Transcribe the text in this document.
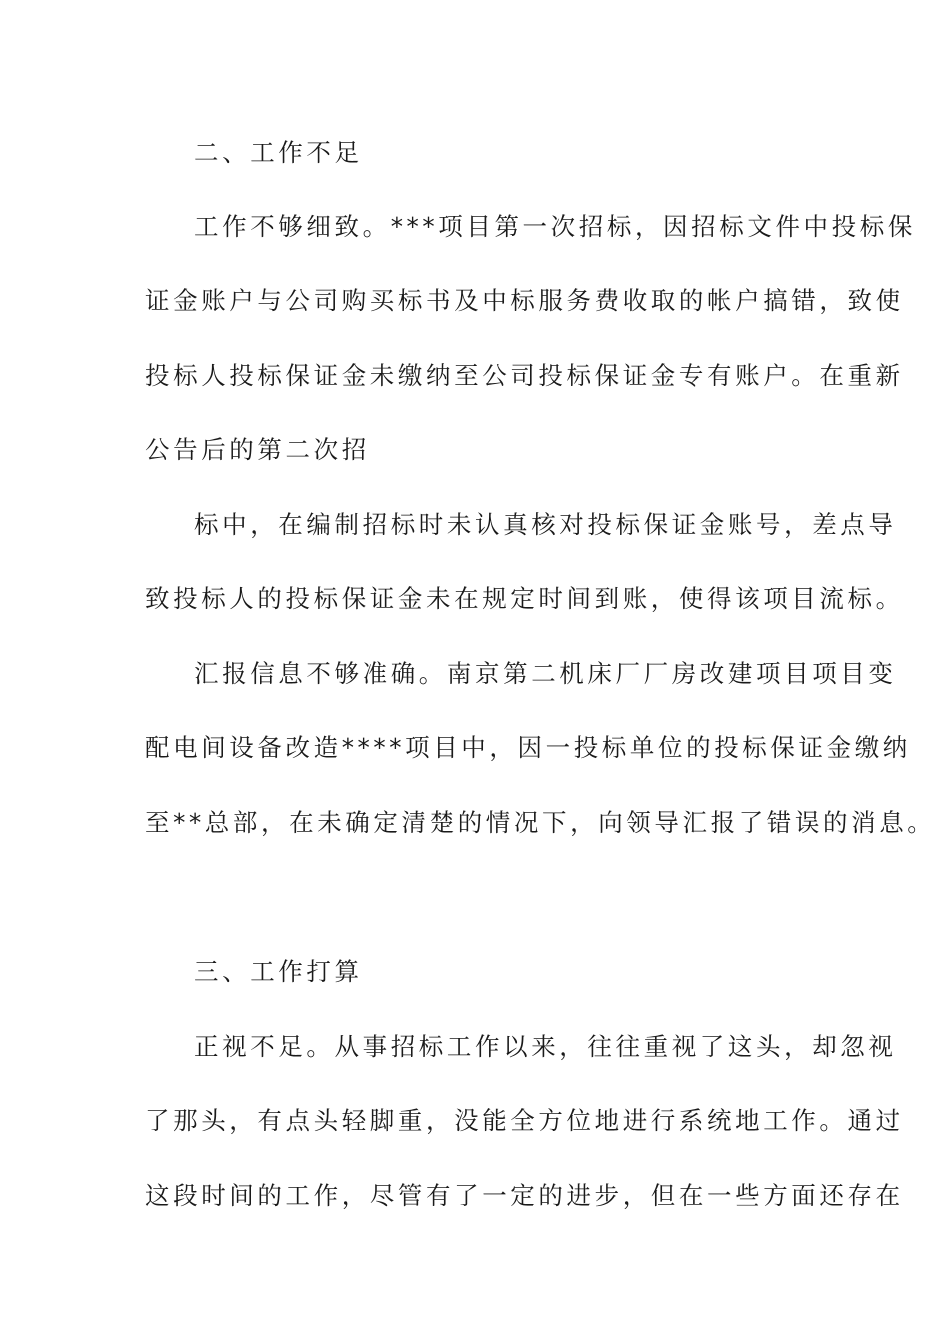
二、工作不足
工作不够细致。***项目第一次招标，因招标文件中投标保
证金账户与公司购买标书及中标服务费收取的帐户搞错，致使
投标人投标保证金未缴纳至公司投标保证金专有账户。在重新
公告后的第二次招
标中，在编制招标时未认真核对投标保证金账号，差点导
致投标人的投标保证金未在规定时间到账，使得该项目流标。
汇报信息不够准确。南京第二机床厂厂房改建项目项目变
配电间设备改造****项目中，因一投标单位的投标保证金缴纳
至**总部，在未确定清楚的情况下，向领导汇报了错误的消息。
三、工作打算
正视不足。从事招标工作以来，往往重视了这头，却忽视
了那头，有点头轻脚重，没能全方位地进行系统地工作。通过
这段时间的工作，尽管有了一定的进步，但在一些方面还存在
